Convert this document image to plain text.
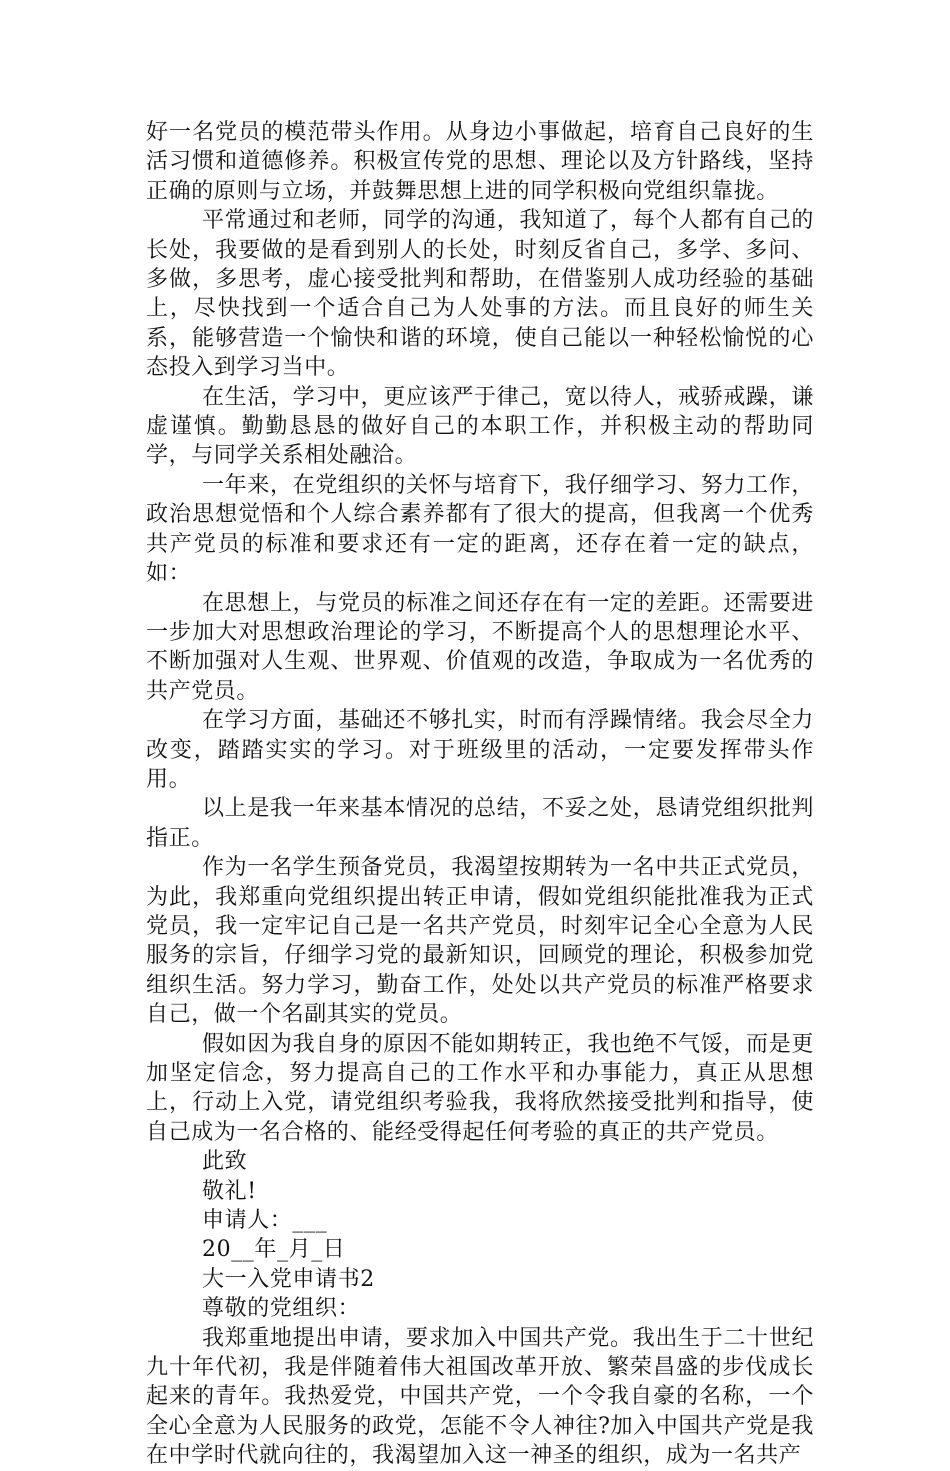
好一名党员的模范带头作用。从身边小事做起，培育自己良好的生活习惯和道德修养。积极宣传党的思想、理论以及方针路线，坚持正确的原则与立场，并鼓舞思想上进的同学积极向党组织靠拢。

平常通过和老师，同学的沟通，我知道了，每个人都有自己的长处，我要做的是看到别人的长处，时刻反省自己，多学、多问、多做，多思考，虚心接受批判和帮助，在借鉴别人成功经验的基础上，尽快找到一个适合自己为人处事的方法。而且良好的师生关系，能够营造一个愉快和谐的环境，使自己能以一种轻松愉悦的心态投入到学习当中。

在生活，学习中，更应该严于律己，宽以待人，戒骄戒躁，谦虚谨慎。勤勤恳恳的做好自己的本职工作，并积极主动的帮助同学，与同学关系相处融洽。

一年来，在党组织的关怀与培育下，我仔细学习、努力工作，政治思想觉悟和个人综合素养都有了很大的提高，但我离一个优秀共产党员的标准和要求还有一定的距离，还存在着一定的缺点，如：

在思想上，与党员的标准之间还存在有一定的差距。还需要进一步加大对思想政治理论的学习，不断提高个人的思想理论水平、不断加强对人生观、世界观、价值观的改造，争取成为一名优秀的共产党员。

在学习方面，基础还不够扎实，时而有浮躁情绪。我会尽全力改变，踏踏实实的学习。对于班级里的活动，一定要发挥带头作用。

以上是我一年来基本情况的总结，不妥之处，恳请党组织批判指正。

作为一名学生预备党员，我渴望按期转为一名中共正式党员，为此，我郑重向党组织提出转正申请，假如党组织能批准我为正式党员，我一定牢记自己是一名共产党员，时刻牢记全心全意为人民服务的宗旨，仔细学习党的最新知识，回顾党的理论，积极参加党组织生活。努力学习，勤奋工作，处处以共产党员的标准严格要求自己，做一个名副其实的党员。

假如因为我自身的原因不能如期转正，我也绝不气馁，而是更加坚定信念，努力提高自己的工作水平和办事能力，真正从思想上，行动上入党，请党组织考验我，我将欣然接受批判和指导，使自己成为一名合格的、能经受得起任何考验的真正的共产党员。

此致

敬礼!

申请人：___

20__年_月_日

大一入党申请书2

尊敬的党组织：

我郑重地提出申请，要求加入中国共产党。我出生于二十世纪九十年代初，我是伴随着伟大祖国改革开放、繁荣昌盛的步伐成长起来的青年。我热爱党，中国共产党，一个令我自豪的名称，一个全心全意为人民服务的政党，怎能不令人神往?加入中国共产党是我在中学时代就向往的，我渴望加入这一神圣的组织，成为一名共产
